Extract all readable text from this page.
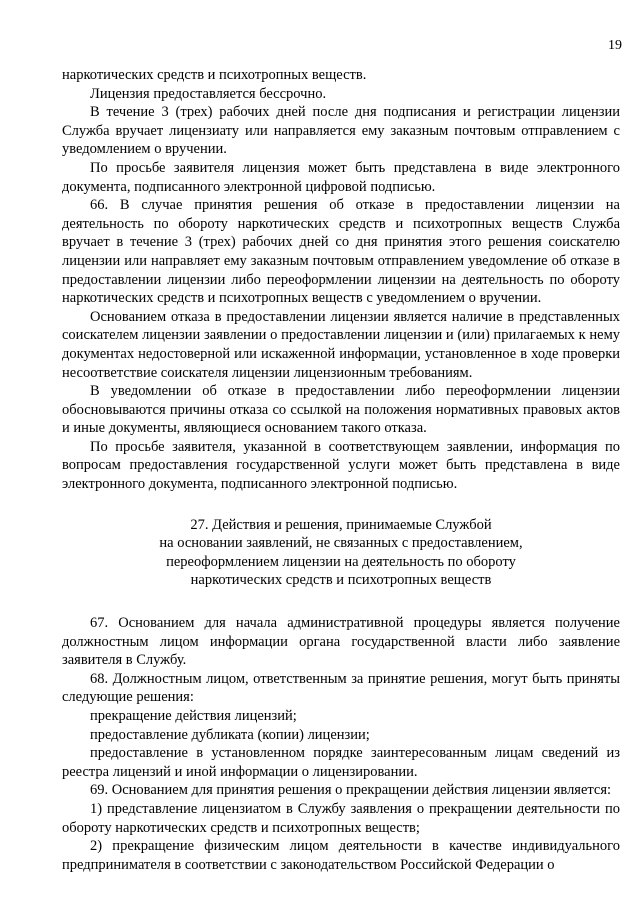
19

наркотических средств и психотропных веществ.

Лицензия предоставляется бессрочно.

В течение 3 (трех) рабочих дней после дня подписания и регистрации лицензии Служба вручает лицензиату или направляется ему заказным почтовым отправлением с уведомлением о вручении.

По просьбе заявителя лицензия может быть представлена в виде электронного документа, подписанного электронной цифровой подписью.

66. В случае принятия решения об отказе в предоставлении лицензии на деятельность по обороту наркотических средств и психотропных веществ Служба вручает в течение 3 (трех) рабочих дней со дня принятия этого решения соискателю лицензии или направляет ему заказным почтовым отправлением уведомление об отказе в предоставлении лицензии либо переоформлении лицензии на деятельность по обороту наркотических средств и психотропных веществ с уведомлением о вручении.

Основанием отказа в предоставлении лицензии является наличие в представленных соискателем лицензии заявлении о предоставлении лицензии и (или) прилагаемых к нему документах недостоверной или искаженной информации, установленное в ходе проверки несоответствие соискателя лицензии лицензионным требованиям.

В уведомлении об отказе в предоставлении либо переоформлении лицензии обосновываются причины отказа со ссылкой на положения нормативных правовых актов и иные документы, являющиеся основанием такого отказа.

По просьбе заявителя, указанной в соответствующем заявлении, информация по вопросам предоставления государственной услуги может быть представлена в виде электронного документа, подписанного электронной подписью.

27. Действия и решения, принимаемые Службой
на основании заявлений, не связанных с предоставлением,
переоформлением лицензии на деятельность по обороту
наркотических средств и психотропных веществ

67. Основанием для начала административной процедуры является получение должностным лицом информации органа государственной власти либо заявление заявителя в Службу.

68. Должностным лицом, ответственным за принятие решения, могут быть приняты следующие решения:

прекращение действия лицензий;

предоставление дубликата (копии) лицензии;

предоставление в установленном порядке заинтересованным лицам сведений из реестра лицензий и иной информации о лицензировании.

69. Основанием для принятия решения о прекращении действия лицензии является:

1) представление лицензиатом в Службу заявления о прекращении деятельности по обороту наркотических средств и психотропных веществ;

2) прекращение физическим лицом деятельности в качестве индивидуального предпринимателя в соответствии с законодательством Российской Федерации о
